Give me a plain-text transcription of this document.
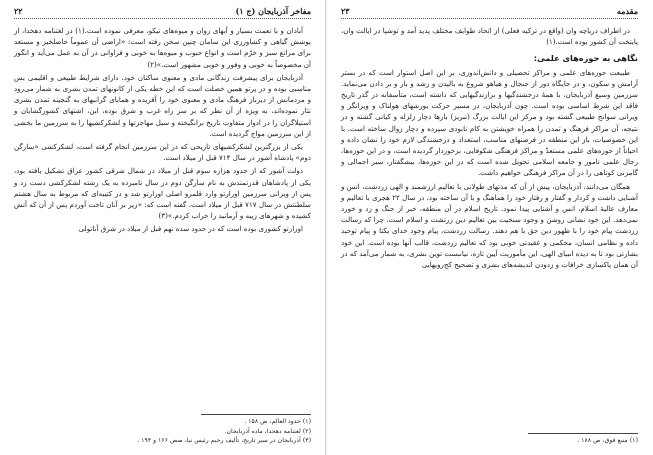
مفاخر آذربایجان (ج ۱)
۲۲

آبادان و با نعمت بسیار و آبهای روان و میوه‌های نیکو، معرفی نموده است.(۱) در لغتنامه دهخدا، از پوشش گیاهی و کشاورزی این سامان چنین سخن رفته است: «اراضی آن عموماً حاصلخیز و مستعد برای مراتع سبز و خرّم است و انواع حبوب و میوه‌ها به خوبی و فراوانی در آن به عمل می‌آید و انگور آن مخصوصاً به خوبی و وفور و خوبی مشهور است.»(۲)

آذربایجان برای پیشرفت زندگانی مادی و معنوی ساکنان خود، دارای شرایط طبیعی و اقلیمی بس مناسبی بوده و در پرتو همین خصلت است که این خطه یکی از کانونهای تمدن بشری به شمار می‌رود و مردمانش از دیرباز فرهنگ مادی و معنوی خود را آفریده و همایای گرانبهای به گنجینه تمدن بشری نثار نموده‌اند، به ویژه از آن نظر که بر سر راه غرب و شرق بوده، این، اشتهای کشورگشایان و استیلاگران را در ادوار متفاوت تاریخ برانگیخته و سیل مهاجرتها و لشکرکشیها را به سرزمین ما بخشی از این سرزمین مواج گردیده است.

یکی از بزرگترین لشکرکشیهای تاریخی که در این سرزمین انجام گرفته است، لشکرکشی «سارگن دوم» پادشاه آشور در سال ۷۱۴ قبل از میلاد است.

دولت آشور که از حدود هزاره سوم قبل از میلاد در شمال شرقی کشور عراق تشکیل یافته بود، یکی از پادشاهان قدرتمندش به نام سارگن دوم در سال نامبرده به یک رشته لشکرکشی دست زد و پس از ویرانی سرزمین اورارتو وارد قلمرو اصلی اورارتو شد و در کتیبه‌ای که مربوط به سال هشتم سلطنتش در سال ۷۱۷ قبل از میلاد است، گفته است که: «زیر بر آنان تاخت آوردم پس از آن که آتش کشیده و شهرهای زیبه و آرمانید را خراب کردم.»(۳)

اورارتو کشوری بوده است که در حدود سده نهم قبل از میلاد در شرق آناتولی

(۱) حدود العالم، ص ۱۵۸ .
(۲) لغتنامه دهخدا، ماده آذربایجان.
(۳) آذربایجان در سیر تاریخ، تألیف رحیم رئیس نیا، صص ۱۶۶ و ۱۹۴ .
مقدمه
۲۳

در اطراف دریاچه وان (واقع در ترکیه فعلی) از اتحاد طوایف مختلف پدید آمد و توشپا در ایالت وان، پایتخت آن کشور بوده است.(۱)

نگاهی به حوزه‌های علمی:

طبیعت حوزه‌های علمی و مراکز تحصیلی و دانش‌اندوزی، بر این اصل استوار است که در بستر آرامش و سکون، و در جایگاه دور از جنجال و هیاهو شروع به بالیدن و رشد و بار و بر دادن می‌نماید. سرزمین وسیع آذربایجان، با همهٔ درخشندگیها و برازندگیهایی که داشته است، متأسفانه در گذر تاریخ فاقد این شرط اساسی بوده است. چون آذربایجان، در مسیر حرکت یورشهای هولناک و ویرانگر و ویرانی سوانح طبیعی گشته بود و مرکز این ایالت بزرگ (تبریز) بارها دچار زلزله و کیانی گشته و در نتیجه، آن مراکز فرهنگ و تمدن را همراه خویشتن به کام نابودی سپرده و دچار زوال ساخته است. با این خصوصیات، باز این منطقه در فرصتهای مناسب، استعداد و درخشندگی لازم خود را نشان داده و احیاناً از حوزه‌های علمی مستعدّ و مراکز فرهنگی شکوفایی، برخوردار گردیده است، و در این حوزه‌ها، رجال علمی نامور و جامعه اسلامی تحویل شده است که در این حوزه‌ها، بیشگفتار، سیر اجمالی و گامزنی کوتاهی را در آن مراکز فرهنگی خواهیم داشت.

همگان می‌دانند، آذربایجان، پیش از آن که مذتهای طولانی با تعالیم ارزشمند و الهی زردشت، انس و آشنایی داشت و کردار و گفتار و رفتار خود را هماهنگ و با آن ساخته بود، در سال ۲۲ هجری با تعالیم و معارف عالیهٔ اسلام، انس و آشنایی پیدا نمود. تاریخ اسلام در آن منطقه، خبر از جنگ و زد و خورد نمی‌دهد. این خود نشانی روشن و وجود سنخیت بین تعالیم دین زرتشت و اسلام است. چرا که رسالت زردشت پیام خود را با ظهور دین حق با هم دهند. رسالت زردشت، پیام وجود خدای یکتا و پیام توحید داده و نظامی انسان، محکمی و عقیدتی خوبی بود که تعالیم زردشت، قالب آنها بوده است. این خود بشارتی بود تا به دیده انبیای الهی، این مأموریت آیین تازه، نیانبست توین بشری، به شمار می‌آمد که در آن همان پاکسازی خرافات و زدودن اندیشه‌های بشری و تصحیح کج‌رویهایی

(۱) منبع فوق، ص ۱۸۸ .
